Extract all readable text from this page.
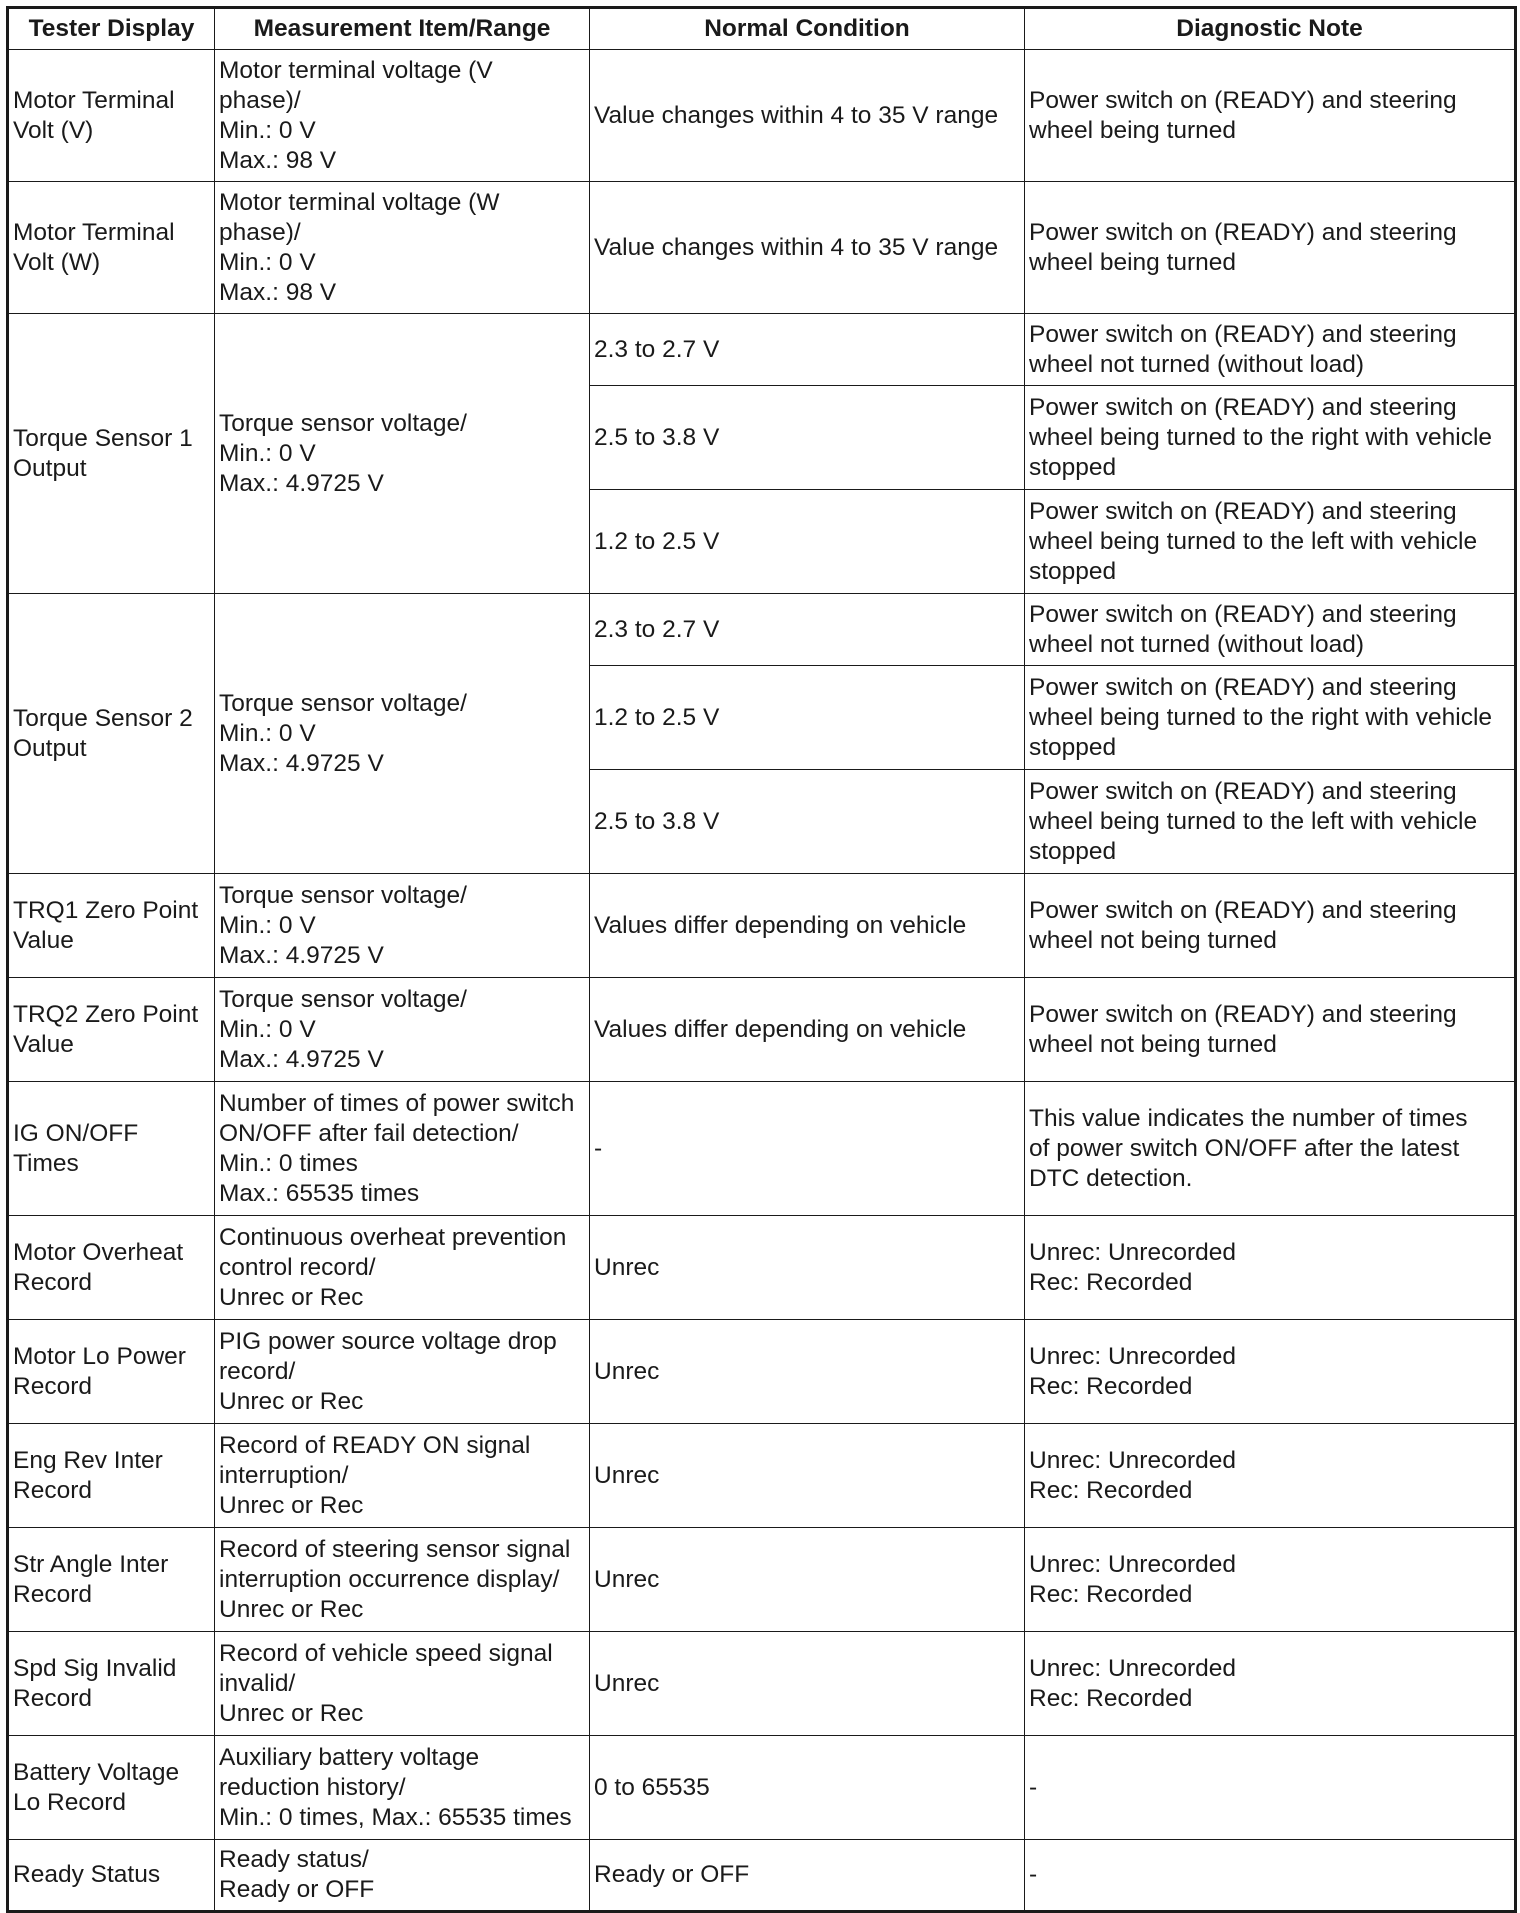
Tester Display	Measurement Item/Range	Normal Condition	Diagnostic Note

Motor Terminal
Volt (V)	Motor terminal voltage (V
phase)/
Min.: 0 V
Max.: 98 V	Value changes within 4 to 35 V range	Power switch on (READY) and steering
wheel being turned

Motor Terminal
Volt (W)	Motor terminal voltage (W
phase)/
Min.: 0 V
Max.: 98 V	Value changes within 4 to 35 V range	Power switch on (READY) and steering
wheel being turned

Torque Sensor 1
Output	Torque sensor voltage/
Min.: 0 V
Max.: 4.9725 V	2.3 to 2.7 V	Power switch on (READY) and steering
wheel not turned (without load)

		2.5 to 3.8 V	Power switch on (READY) and steering
wheel being turned to the right with vehicle
stopped

		1.2 to 2.5 V	Power switch on (READY) and steering
wheel being turned to the left with vehicle
stopped

Torque Sensor 2
Output	Torque sensor voltage/
Min.: 0 V
Max.: 4.9725 V	2.3 to 2.7 V	Power switch on (READY) and steering
wheel not turned (without load)

		1.2 to 2.5 V	Power switch on (READY) and steering
wheel being turned to the right with vehicle
stopped

		2.5 to 3.8 V	Power switch on (READY) and steering
wheel being turned to the left with vehicle
stopped

TRQ1 Zero Point
Value	Torque sensor voltage/
Min.: 0 V
Max.: 4.9725 V	Values differ depending on vehicle	Power switch on (READY) and steering
wheel not being turned

TRQ2 Zero Point
Value	Torque sensor voltage/
Min.: 0 V
Max.: 4.9725 V	Values differ depending on vehicle	Power switch on (READY) and steering
wheel not being turned

IG ON/OFF
Times	Number of times of power switch
ON/OFF after fail detection/
Min.: 0 times
Max.: 65535 times	-	This value indicates the number of times
of power switch ON/OFF after the latest
DTC detection.

Motor Overheat
Record	Continuous overheat prevention
control record/
Unrec or Rec	Unrec	Unrec: Unrecorded
Rec: Recorded

Motor Lo Power
Record	PIG power source voltage drop
record/
Unrec or Rec	Unrec	Unrec: Unrecorded
Rec: Recorded

Eng Rev Inter
Record	Record of READY ON signal
interruption/
Unrec or Rec	Unrec	Unrec: Unrecorded
Rec: Recorded

Str Angle Inter
Record	Record of steering sensor signal
interruption occurrence display/
Unrec or Rec	Unrec	Unrec: Unrecorded
Rec: Recorded

Spd Sig Invalid
Record	Record of vehicle speed signal
invalid/
Unrec or Rec	Unrec	Unrec: Unrecorded
Rec: Recorded

Battery Voltage
Lo Record	Auxiliary battery voltage
reduction history/
Min.: 0 times, Max.: 65535 times	0 to 65535	-

Ready Status	Ready status/
Ready or OFF	Ready or OFF	-
